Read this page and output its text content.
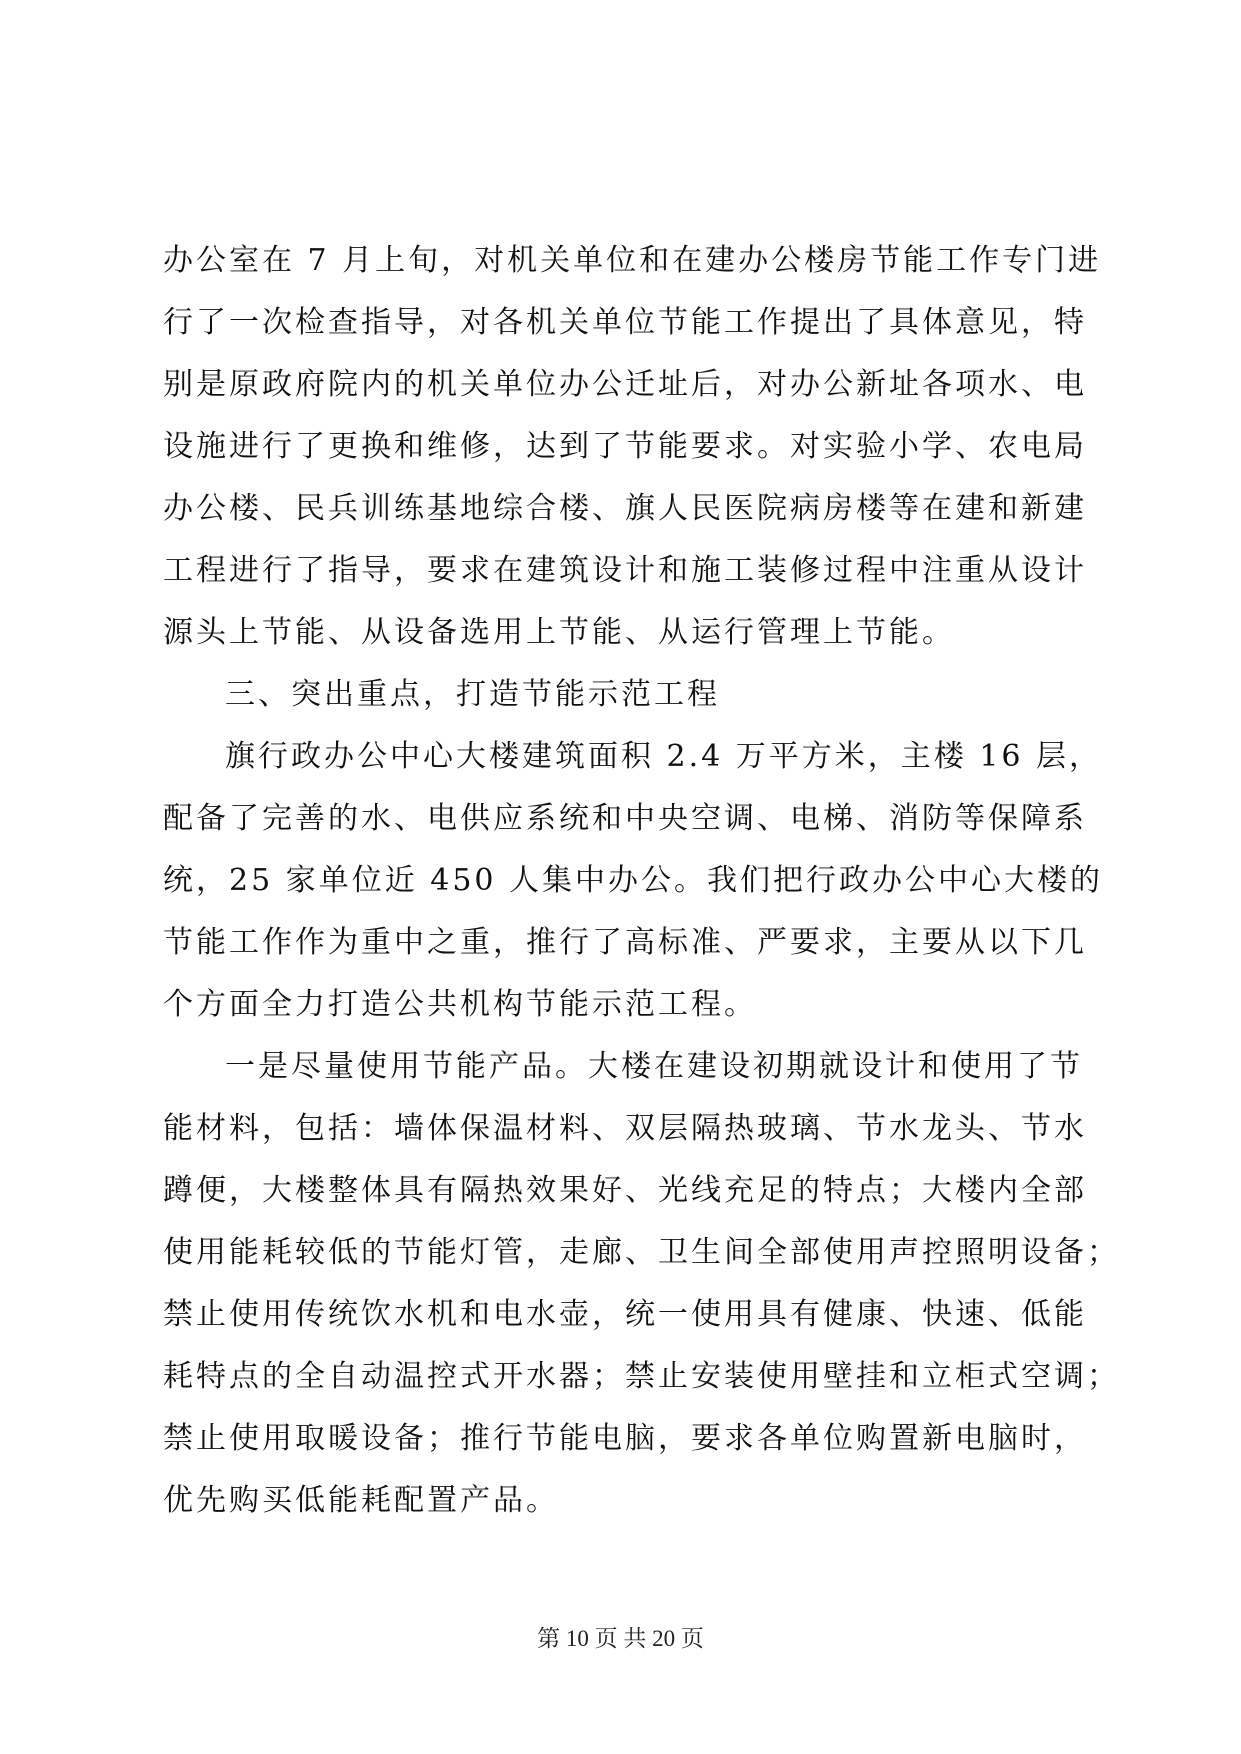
办公室在 7 月上旬，对机关单位和在建办公楼房节能工作专门进
行了一次检查指导，对各机关单位节能工作提出了具体意见，特
别是原政府院内的机关单位办公迁址后，对办公新址各项水、电
设施进行了更换和维修，达到了节能要求。对实验小学、农电局
办公楼、民兵训练基地综合楼、旗人民医院病房楼等在建和新建
工程进行了指导，要求在建筑设计和施工装修过程中注重从设计
源头上节能、从设备选用上节能、从运行管理上节能。
三、突出重点，打造节能示范工程
旗行政办公中心大楼建筑面积 2.4 万平方米，主楼 16 层，
配备了完善的水、电供应系统和中央空调、电梯、消防等保障系
统，25 家单位近 450 人集中办公。我们把行政办公中心大楼的
节能工作作为重中之重，推行了高标准、严要求，主要从以下几
个方面全力打造公共机构节能示范工程。
一是尽量使用节能产品。大楼在建设初期就设计和使用了节
能材料，包括：墙体保温材料、双层隔热玻璃、节水龙头、节水
蹲便，大楼整体具有隔热效果好、光线充足的特点；大楼内全部
使用能耗较低的节能灯管，走廊、卫生间全部使用声控照明设备；
禁止使用传统饮水机和电水壶，统一使用具有健康、快速、低能
耗特点的全自动温控式开水器；禁止安装使用壁挂和立柜式空调；
禁止使用取暖设备；推行节能电脑，要求各单位购置新电脑时，
优先购买低能耗配置产品。
第 10 页 共 20 页
